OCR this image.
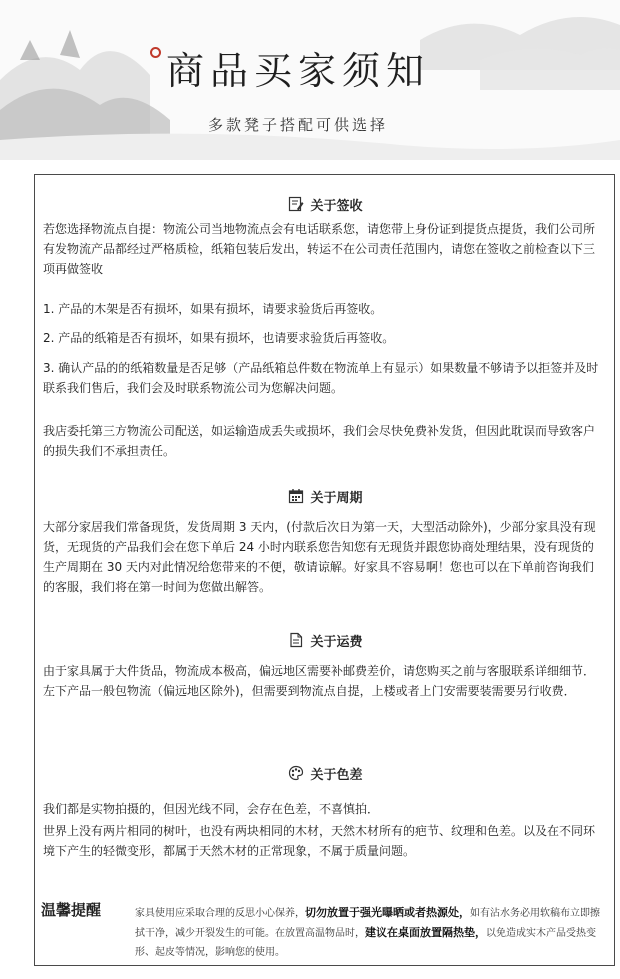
商品买家须知
多款凳子搭配可供选择
关于签收

若您选择物流点自提：物流公司当地物流点会有电话联系您，请您带上身份证到提货点提货，我们公司所有发物流产品都经过严格质检，纸箱包装后发出，转运不在公司责任范围内，请您在签收之前检查以下三项再做签收

1. 产品的木架是否有损坏，如果有损坏，请要求验货后再签收。

2. 产品的纸箱是否有损坏，如果有损坏，也请要求验货后再签收。

3. 确认产品的的纸箱数量是否足够（产品纸箱总件数在物流单上有显示）如果数量不够请予以拒签并及时联系我们售后，我们会及时联系物流公司为您解决问题。

我店委托第三方物流公司配送，如运输造成丢失或损坏，我们会尽快免费补发货，但因此耽误而导致客户的损失我们不承担责任。

关于周期

大部分家居我们常备现货，发货周期 3 天内，(付款后次日为第一天，大型活动除外)，少部分家具没有现货，无现货的产品我们会在您下单后 24 小时内联系您告知您有无现货并跟您协商处理结果，没有现货的生产周期在 30 天内对此情况给您带来的不便，敬请谅解。好家具不容易啊！您也可以在下单前咨询我们的客服，我们将在第一时间为您做出解答。

关于运费

由于家具属于大件货品，物流成本极高，偏远地区需要补邮费差价，请您购买之前与客服联系详细细节．左下产品一般包物流（偏远地区除外)，但需要到物流点自提，上楼或者上门安需要装需要另行收费．

关于色差

我们都是实物拍摄的，但因光线不同，会存在色差，不喜慎拍．

世界上没有两片相同的树叶，也没有两块相同的木材，天然木材所有的疤节、纹理和色差。以及在不同环境下产生的轻微变形，都属于天然木材的正常现象，不属于质量问题。

温馨提醒	家具使用应采取合理的反思小心保养，切勿放置于强光曝晒或者热源处，如有沾水务必用软稿布立即擦拭干净，减少开裂发生的可能。在放置高温物品时，建议在桌面放置隔热垫，以免造成实木产品受热变形、起皮等情况，影响您的使用。
